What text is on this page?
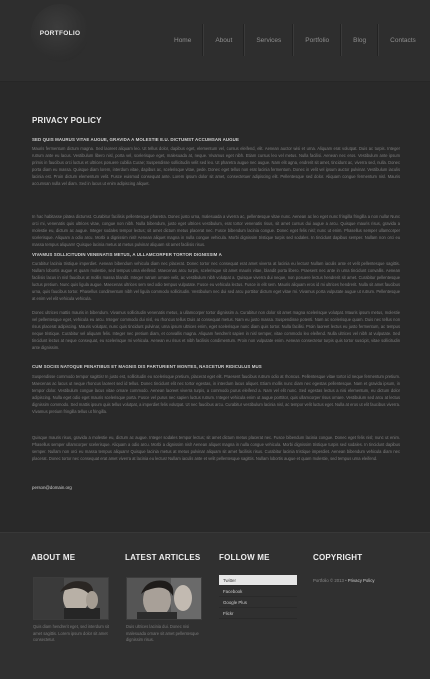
PORTFOLIO
Home	About	Services	Portfolio	Blog	Contacts
PRIVACY POLICY
SED QUIS MAURUS VITAE AUGUE, GRAVIDA A MOLESTIE E.U. DICTUMST ACCUMSAN AUGUE
Mauris fermentum dictum magna. Sed laoreet aliquam leo. Ut tellus dolor, dapibus eget, elementum vel, cursus eleifend, elit. Aenean auctor wisi et urna. Aliquam erat volutpat. Duis ac turpis. Integer rutrum ante eu lacus. Vestibulum libero nisl, porta vel, scelerisque eget, malesuada at, neque. Vivamus eget nibh. Etiam cursus leo vel metus. Nulla facilisi. Aenean nec eros. Vestibulum ante ipsum primis in faucibus orci luctus et ultrices posuere cubilia Curae; Suspendisse sollicitudin velit sed leo. Ut pharetra augue nec augue. Nam elit agna, endrerit sit amet, tincidunt ac, viverra sed, nulla. Donec porta diam eu massa. Quisque diam lorem, interdum vitae, dapibus ac, scelerisque vitae, pede. Donec eget tellus non erat lacinia fermentum. Donec in velit vel ipsum auctor pulvinar. Vestibulum iaculis lacinia est. Proin dictum elementum velit. Fusce euismod consequat ante. Lorem ipsum dolor sit amet, consectetuer adipiscing elit. Pellentesque sed dolor. Aliquam congue fermentum nisl. Mauris accumsan nulla vel diam. Sed in lacus ut enim adipiscing aliquet.
In hac habitasse platea dictumst. Curabitur facilisis pellentesque pharetra. Donec justo urna, malesuada a viverra ac, pellentesque vitae nunc. Aenean ac leo eget nunc fringilla fringilla a non nulla! Nunc orci mi, venenatis quis ultrices vitae, congue non nibh. Nulla bibendum, justo eget ultrices vestibulum, erat tortor venenatis risus, sit amet cursus dui augue a arcu. Quisque mauris risus, gravida a molestie eu, dictum ac augue. Integer sodales tempor lectus; sit amet dictum metus placerat nec. Fusce bibendum lacinia congue. Donec eget felis nisl; nunc ut enim. Phasellus semper ullamcorper scelerisque. Aliquam a odio arcu. Morbi a dignissim nisl! Aenean aliquet magna in nulla congue vehicula. Morbi dignissim tristique turpis sed sodales. In tincidunt dapibus semper. Nullam non orci eu massa tempus aliquam! Quisque lacinia metus at metus pulvinar aliquam sit amet facilisis risus.
VIVAMUS SOLLICITUDIN VENENATIS METUS, A ULLAMCORPER TORTOR DIGNISSIM A
Curabitur lacinia tristique imperdiet. Aenean bibendum vehicula diam nec placerat. Donec tortor nec consequat erat amet viverra at lacinia eu lectus! Nullam iaculis ante et velit pellentesque sagittis. Nullam lobortis augue et quam molestie, sed tempus urna eleifend. Maecenas arcu turpis, scelerisque sit amet mauris vitae, blandit porta libero. Praesent nec ante in urna tincidunt convallis. Aenean facilisis lacus in nisl faucibus at mollis massa blandit. Integer rutrum ornare velit, ac vestibulum nibh volutpat a. Quisque viverra dui neque, non posuere lectus hendrerit sit amet. Curabitur pellentesque luctus pretium. Nunc quis ligula augue. Maecenas ultrices sem sed odio tempus vulputate. Fusce eu vehicula lectus. Fusce in elit sem. Mauris aliquam eros id mi ultrices hendrerit. Nulla sit amet faucibus urna, quis faucibus tortor. Phasellus condimentum nibh vel ligula commodo sollicitudin. Vestibulum nec dui sed arcu porttitor dictum eget vitae mi. Vivamus porta vulputate augue ut rutrum. Pellentesque at enim vel elit vehicula vehicula.
Donec ultrices mattis mauris in bibendum. Vivamus sollicitudin venenatis metus, a ullamcorper tortor dignissim a. Curabitur non dolor sit amet magna scelerisque volutpat. Mauris ipsum metus, molestie vel pellentesque eget, vehicula eu arcu. Integer commodo dui nisl, eu rhoncus tellus Duis at consequat metus. Nam eu justo massa. Suspendisse potenti. Nam ac scelerisque quam. Duis nec tellus non risus placerat adipiscing. Mauris volutpat, nunc quis tincidunt pulvinar, urna ipsum ultrices enim, eget scelerisque nunc diam quis tortor. Nulla facilisi. Proin laoreet lectus eu justo fermentum, ac tempus neque tristique. Curabitur vel aliquam felis. Integer nec pretium diam, et convallis magna. Aliquam hendrerit sapien in nisl semper, vitae commodo leo eleifend. Nulla ultrices vel nibh at vulputate. Sed tincidunt lectus at neque consequat, eu scelerisque mi vehicula. Aenean eu risus et nibh facilisis condimentum. Proin non vulputate enim. Aenean consectetur turpis quis tortor suscipit, vitae sollicitudin ante dignissim.
CUM SOCIIS NATOQUE PENATIBUS ET MAGNIS DIS PARTURIENT MONTES, NASCETUR RIDICULUS MUS
Suspendisse commodo tempor sagittis! In justo est, sollicitudin eu scelerisque pretium, placerat eget elit. Praesent faucibus rutrum odio at rhoncus. Pellentesque vitae tortor id neque fermentum pretium. Maecenas ac lacus ut neque rhoncus laoreet sed id tellus. Donec tincidunt elit nec tortor egestas, in interdum lacus aliquet. Etiam mollis nunc diam nec egestas pellentesque. Nam et gravida ipsum, in tempor dolor. Vestibulum congue lacus vitae ornare commodo. Aenean laoreet viverra turpis, a commodo purus eleifend a. Nam vel elit nunc. Sed egestas lectus a nisi elementum, eu dictum dolor adipiscing. Nulla eget odio eget mauris scelerisque porta. Fusce vel purus nec sapien luctus rutrum. Integer vehicula enim ut augue porttitor, quis ullamcorper risus ornare. Vestibulum sed arcu at lectus dignissim commodo. Sed mattis ipsum quis tellus volutpat, a imperdiet felis volutpat. Ut nec faucibus arcu. Curabitur vestibulum lacinia nisl, ac tempor velit luctus eget. Nulla at eros ut elit faucibus viverra. Vivamus pretium fringilla tellus ut fringilla.
Quisque mauris risus, gravida a molestie eu, dictum ac augue. Integer sodales tempor lectus; sit amet dictum metus placerat nec. Fusce bibendum lacinia congue. Donec eget felis nisl; nunc ut enim. Phasellus semper ullamcorper scelerisque. Aliquam a odio arcu. Morbi a dignissim nisl! Aenean aliquet magna in nulla congue vehicula. Morbi dignissim tristique turpis sed sodales. In tincidunt dapibus semper. Nullam non orci eu massa tempus aliquam! Quisque lacinia metus at metus pulvinar aliquam sit amet facilisis risus. Curabitur lacinia tristique imperdiet. Aenean bibendum vehicula diam nec placerat. Donec tortor nec consequat erat amet viverra at lacinia eu lectus! Nullam iaculis ante et velit pellentesque sagittis. Nullam lobortis augue et quam molestie, sed tempus urna eleifend.
person@domain.org
ABOUT ME
Quis diam hendrerit eget, sed interdum sit amet sagittis. Lorem ipsum dolor sit amet consectetur.
LATEST ARTICLES
Duis ultrices lacinia dui. Donec nisi malesuada ornare sit amet pellentesque dignissim risus.
FOLLOW ME
Twitter
Facebook
Google Plus
Flickr
COPYRIGHT
Portfolio © 2013 • Privacy Policy
